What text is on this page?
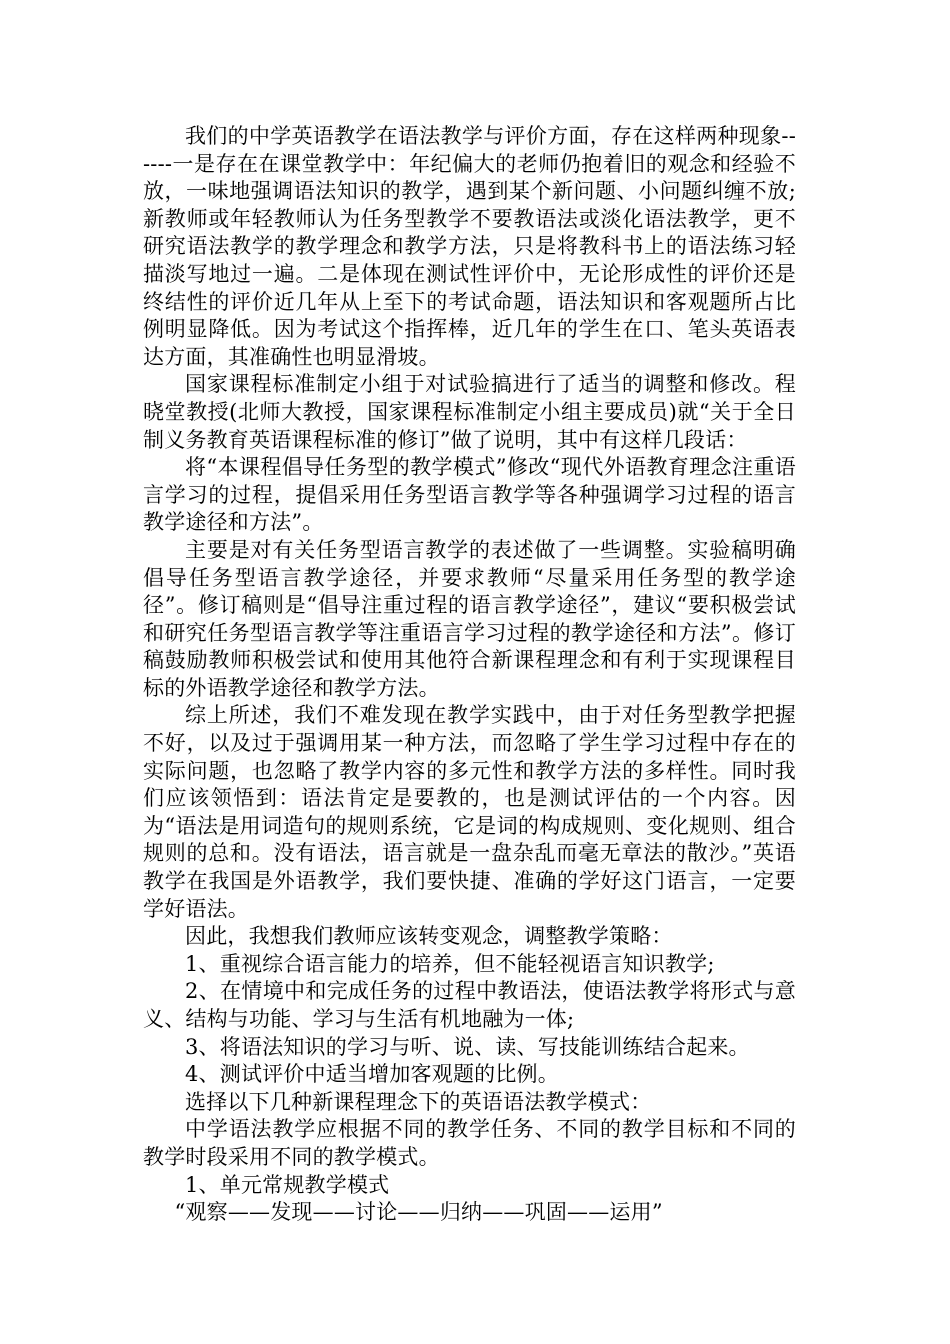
我们的中学英语教学在语法教学与评价方面，存在这样两种现象------一是存在在课堂教学中：年纪偏大的老师仍抱着旧的观念和经验不放，一味地强调语法知识的教学，遇到某个新问题、小问题纠缠不放;新教师或年轻教师认为任务型教学不要教语法或淡化语法教学，更不研究语法教学的教学理念和教学方法，只是将教科书上的语法练习轻描淡写地过一遍。二是体现在测试性评价中，无论形成性的评价还是终结性的评价近几年从上至下的考试命题，语法知识和客观题所占比例明显降低。因为考试这个指挥棒，近几年的学生在口、笔头英语表达方面，其准确性也明显滑坡。

国家课程标准制定小组于对试验搞进行了适当的调整和修改。程晓堂教授(北师大教授，国家课程标准制定小组主要成员)就“关于全日制义务教育英语课程标准的修订”做了说明，其中有这样几段话：

将“本课程倡导任务型的教学模式”修改“现代外语教育理念注重语言学习的过程，提倡采用任务型语言教学等各种强调学习过程的语言教学途径和方法”。

主要是对有关任务型语言教学的表述做了一些调整。实验稿明确倡导任务型语言教学途径，并要求教师“尽量采用任务型的教学途径”。修订稿则是“倡导注重过程的语言教学途径”，建议“要积极尝试和研究任务型语言教学等注重语言学习过程的教学途径和方法”。修订稿鼓励教师积极尝试和使用其他符合新课程理念和有利于实现课程目标的外语教学途径和教学方法。

综上所述，我们不难发现在教学实践中，由于对任务型教学把握不好，以及过于强调用某一种方法，而忽略了学生学习过程中存在的实际问题，也忽略了教学内容的多元性和教学方法的多样性。同时我们应该领悟到：语法肯定是要教的，也是测试评估的一个内容。因为“语法是用词造句的规则系统，它是词的构成规则、变化规则、组合规则的总和。没有语法，语言就是一盘杂乱而毫无章法的散沙。”英语教学在我国是外语教学，我们要快捷、准确的学好这门语言，一定要学好语法。

因此，我想我们教师应该转变观念，调整教学策略：

1、重视综合语言能力的培养，但不能轻视语言知识教学;

2、在情境中和完成任务的过程中教语法，使语法教学将形式与意义、结构与功能、学习与生活有机地融为一体;

3、将语法知识的学习与听、说、读、写技能训练结合起来。

4、测试评价中适当增加客观题的比例。

选择以下几种新课程理念下的英语语法教学模式：

中学语法教学应根据不同的教学任务、不同的教学目标和不同的教学时段采用不同的教学模式。

1、单元常规教学模式

“观察——发现——讨论——归纳——巩固——运用”
